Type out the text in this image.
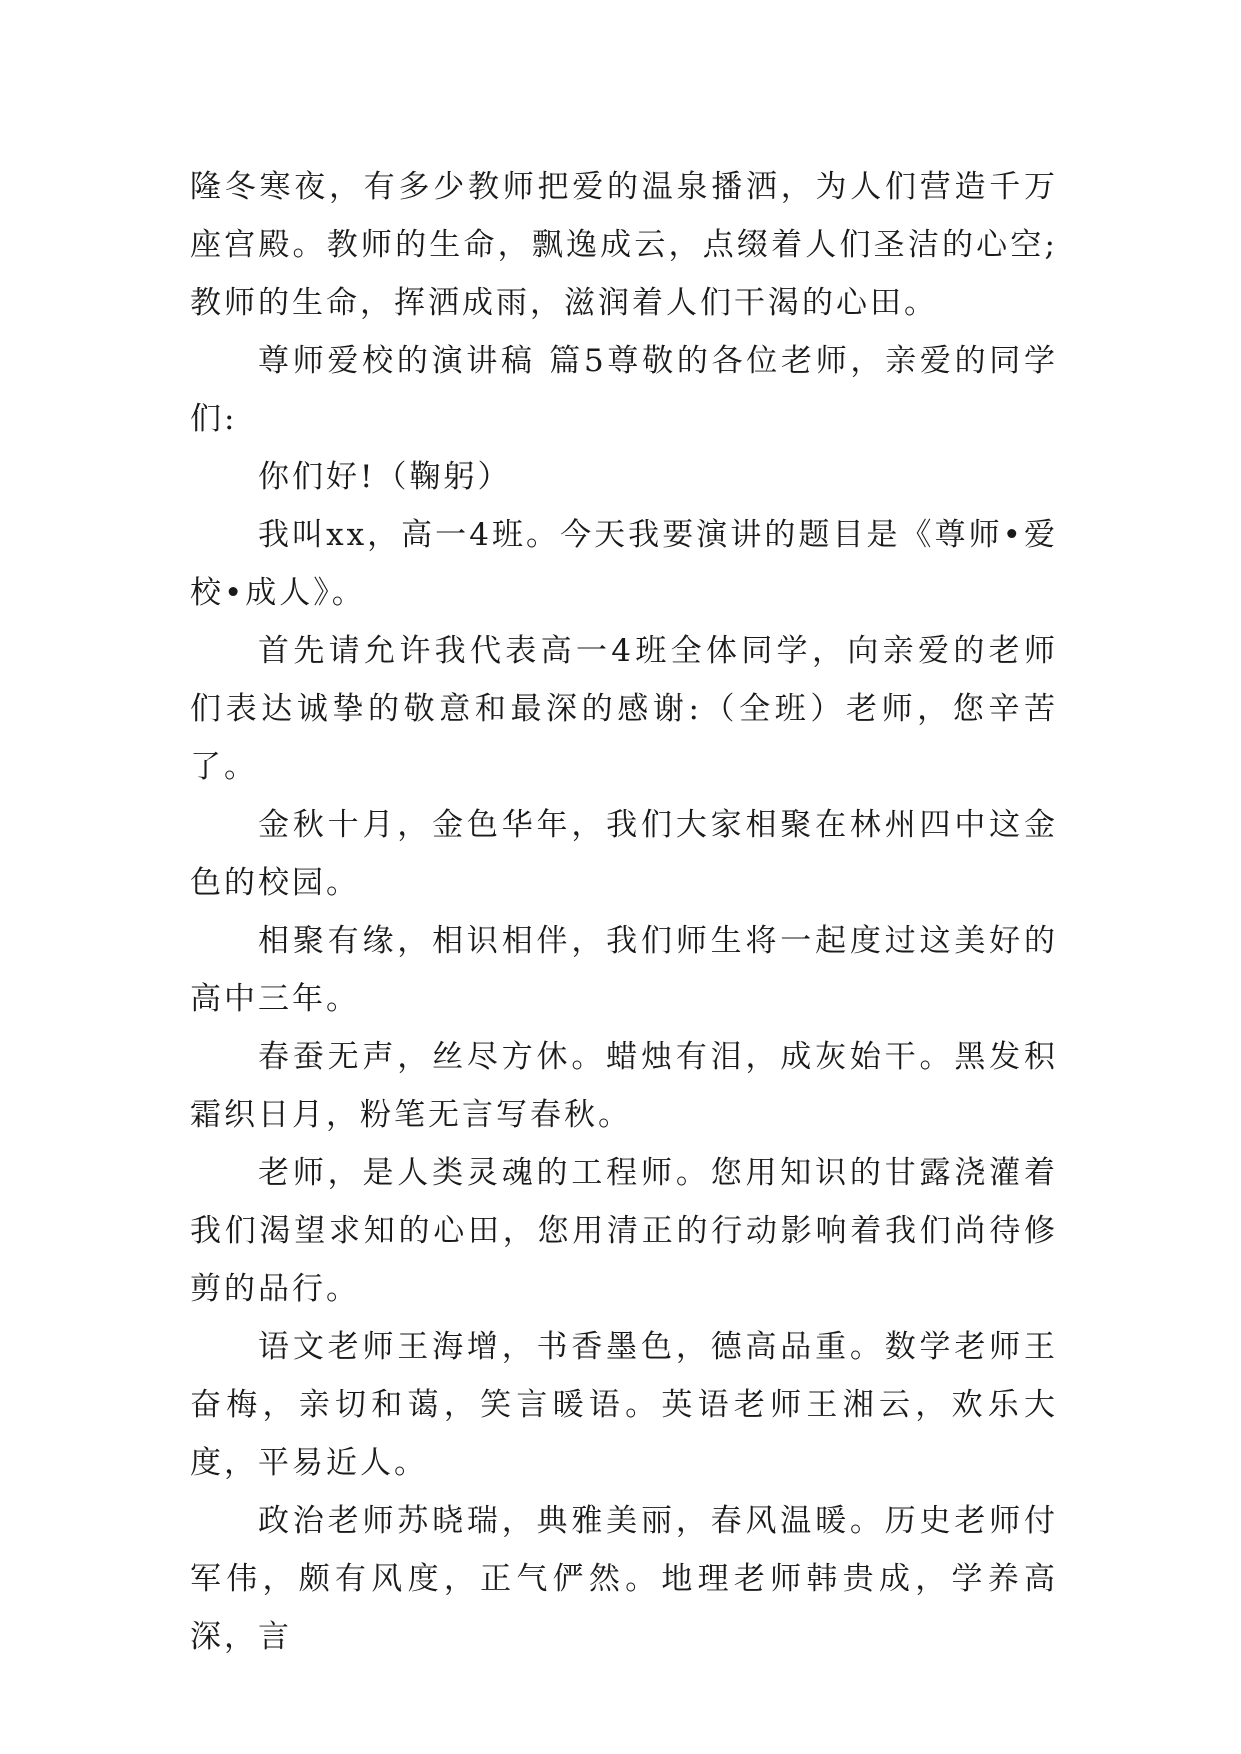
隆冬寒夜，有多少教师把爱的温泉播洒，为人们营造千万座宫殿。教师的生命，飘逸成云，点缀着人们圣洁的心空;教师的生命，挥洒成雨，滋润着人们干渴的心田。

尊师爱校的演讲稿 篇5尊敬的各位老师，亲爱的同学们:

你们好!（鞠躬）

我叫xx，高一4班。今天我要演讲的题目是《尊师•爱校•成人》。

首先请允许我代表高一4班全体同学，向亲爱的老师们表达诚挚的敬意和最深的感谢:（全班）老师，您辛苦了。

金秋十月，金色华年，我们大家相聚在林州四中这金色的校园。

相聚有缘，相识相伴，我们师生将一起度过这美好的高中三年。

春蚕无声，丝尽方休。蜡烛有泪，成灰始干。黑发积霜织日月，粉笔无言写春秋。

老师，是人类灵魂的工程师。您用知识的甘露浇灌着我们渴望求知的心田，您用清正的行动影响着我们尚待修剪的品行。

语文老师王海增，书香墨色，德高品重。数学老师王奋梅，亲切和蔼，笑言暖语。英语老师王湘云，欢乐大度，平易近人。

政治老师苏晓瑞，典雅美丽，春风温暖。历史老师付军伟，颇有风度，正气俨然。地理老师韩贵成，学养高深，言
